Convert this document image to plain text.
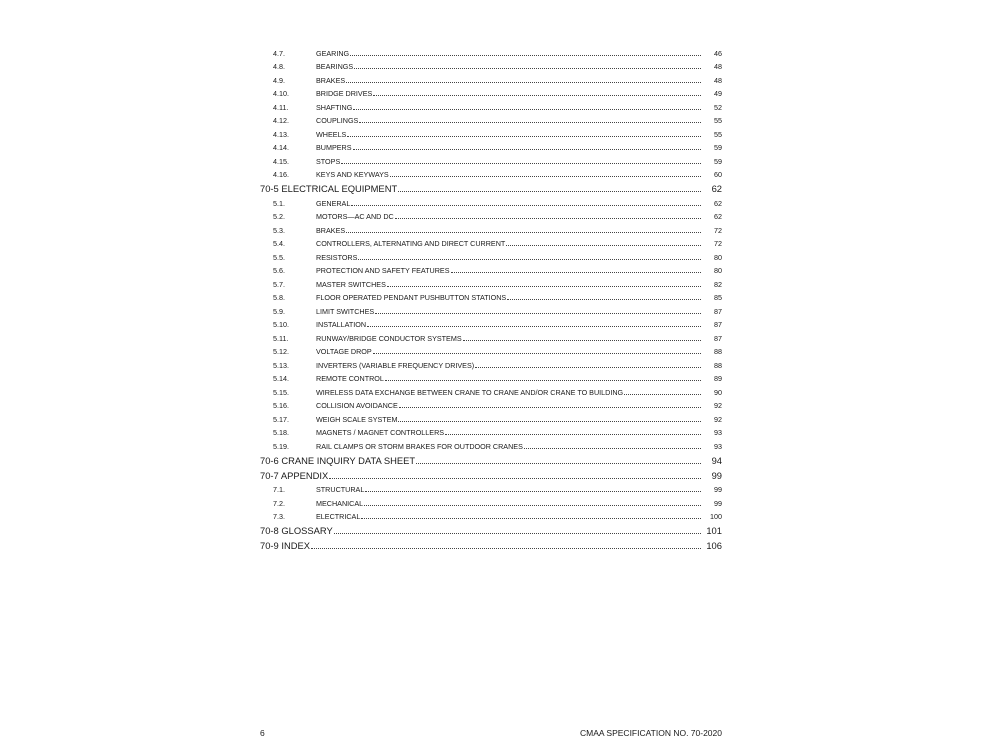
4.7.	GEARING	46
4.8.	BEARINGS	48
4.9.	BRAKES	48
4.10.	BRIDGE DRIVES	49
4.11.	SHAFTING	52
4.12.	COUPLINGS	55
4.13.	WHEELS	55
4.14.	BUMPERS	59
4.15.	STOPS	59
4.16.	KEYS AND KEYWAYS	60
70-5 ELECTRICAL EQUIPMENT	62
5.1.	GENERAL	62
5.2.	MOTORS—AC AND DC	62
5.3.	BRAKES	72
5.4.	CONTROLLERS, ALTERNATING AND DIRECT CURRENT	72
5.5.	RESISTORS	80
5.6.	PROTECTION AND SAFETY FEATURES	80
5.7.	MASTER SWITCHES	82
5.8.	FLOOR OPERATED PENDANT PUSHBUTTON STATIONS	85
5.9.	LIMIT SWITCHES	87
5.10.	INSTALLATION	87
5.11.	RUNWAY/BRIDGE CONDUCTOR SYSTEMS	87
5.12.	VOLTAGE DROP	88
5.13.	INVERTERS (VARIABLE FREQUENCY DRIVES)	88
5.14.	REMOTE CONTROL	89
5.15.	WIRELESS DATA EXCHANGE BETWEEN CRANE TO CRANE AND/OR CRANE TO BUILDING	90
5.16.	COLLISION AVOIDANCE	92
5.17.	WEIGH SCALE SYSTEM	92
5.18.	MAGNETS / MAGNET CONTROLLERS	93
5.19.	RAIL CLAMPS OR STORM BRAKES FOR OUTDOOR CRANES	93
70-6 CRANE INQUIRY DATA SHEET	94
70-7 APPENDIX	99
7.1.	STRUCTURAL	99
7.2.	MECHANICAL	99
7.3.	ELECTRICAL	100
70-8 GLOSSARY	101
70-9 INDEX	106
6	CMAA SPECIFICATION NO. 70-2020
